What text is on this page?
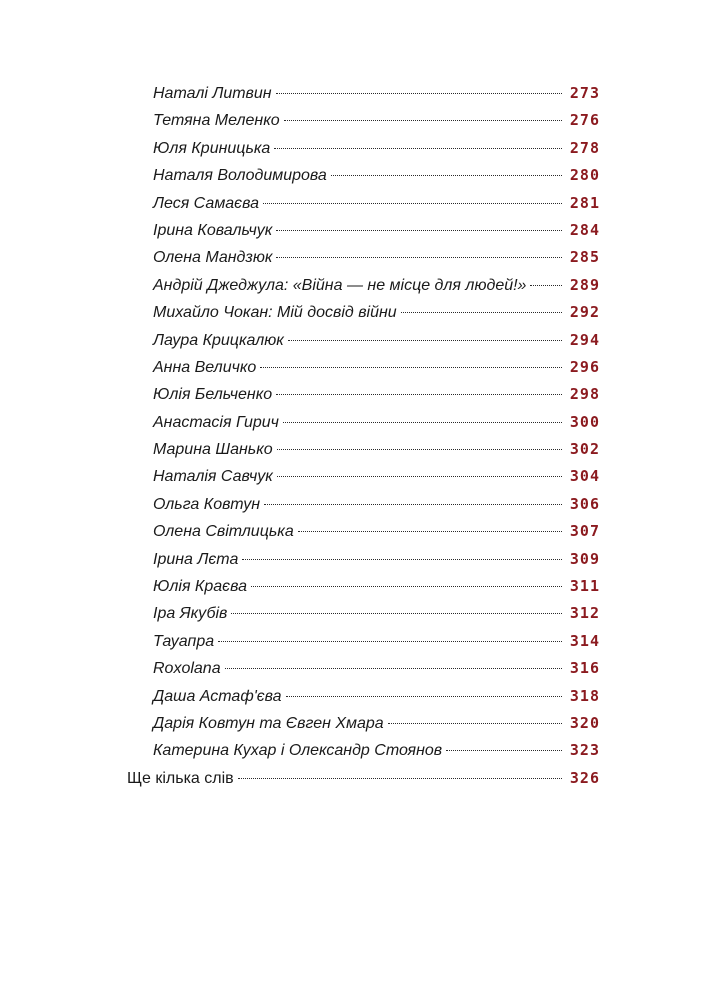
Наталі Литвин	273
Тетяна Меленко	276
Юля Криницька	278
Наталя Володимирова	280
Леся Самаєва	281
Ірина Ковальчук	284
Олена Мандзюк	285
Андрій Джеджула: «Війна — не місце для людей!»	289
Михайло Чокан: Мій досвід війни	292
Лаура Крицкалюк	294
Анна Величко	296
Юлія Бельченко	298
Анастасія Гирич	300
Марина Шанько	302
Наталія Савчук	304
Ольга Ковтун	306
Олена Світлицька	307
Ірина Лєта	309
Юлія Краєва	311
Іра Якубів	312
Тауапра	314
Roxolana	316
Даша Астаф'єва	318
Дарія Ковтун та Євген Хмара	320
Катерина Кухар і Олександр Стоянов	323
Ще кілька слів	326
